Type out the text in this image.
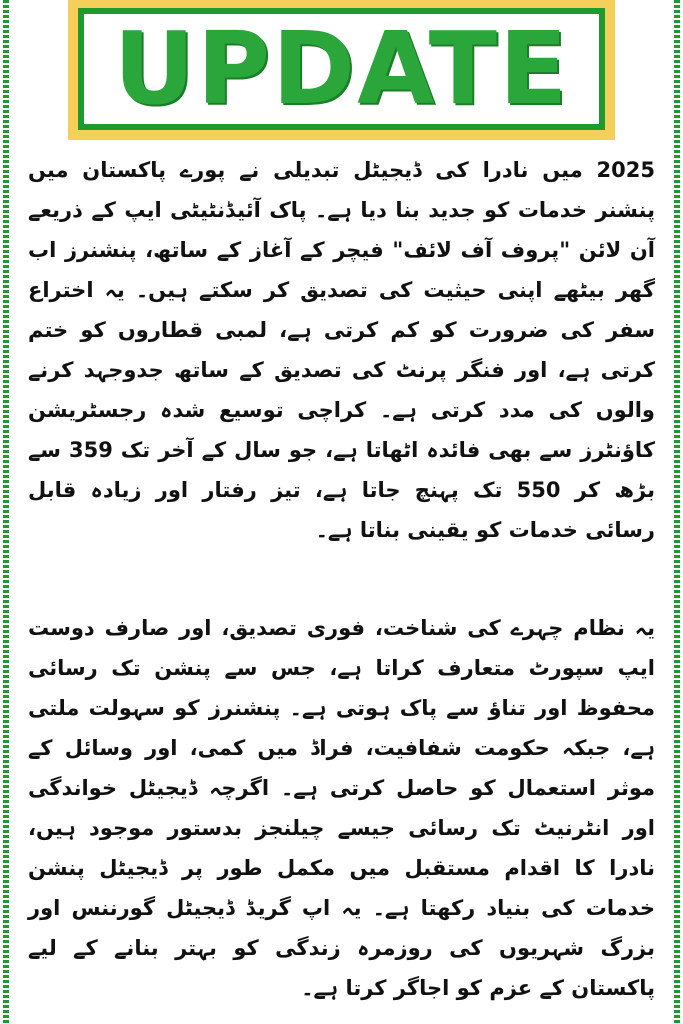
UPDATE

2025 میں نادرا کی ڈیجیٹل تبدیلی نے پورے پاکستان میں پنشنر خدمات کو جدید بنا دیا ہے۔ پاک آئیڈنٹیٹی ایپ کے ذریعے آن لائن "پروف آف لائف" فیچر کے آغاز کے ساتھ، پنشنرز اب گھر بیٹھے اپنی حیثیت کی تصدیق کر سکتے ہیں۔ یہ اختراع سفر کی ضرورت کو کم کرتی ہے، لمبی قطاروں کو ختم کرتی ہے، اور فنگر پرنٹ کی تصدیق کے ساتھ جدوجہد کرنے والوں کی مدد کرتی ہے۔ کراچی توسیع شدہ رجسٹریشن کاؤنٹرز سے بھی فائدہ اٹھاتا ہے، جو سال کے آخر تک 359 سے بڑھ کر 550 تک پہنچ جاتا ہے، تیز رفتار اور زیادہ قابل رسائی خدمات کو یقینی بناتا ہے۔

یہ نظام چہرے کی شناخت، فوری تصدیق، اور صارف دوست ایپ سپورٹ متعارف کراتا ہے، جس سے پنشن تک رسائی محفوظ اور تناؤ سے پاک ہوتی ہے۔ پنشنرز کو سہولت ملتی ہے، جبکہ حکومت شفافیت، فراڈ میں کمی، اور وسائل کے موثر استعمال کو حاصل کرتی ہے۔ اگرچہ ڈیجیٹل خواندگی اور انٹرنیٹ تک رسائی جیسے چیلنجز بدستور موجود ہیں، نادرا کا اقدام مستقبل میں مکمل طور پر ڈیجیٹل پنشن خدمات کی بنیاد رکھتا ہے۔ یہ اپ گریڈ ڈیجیٹل گورننس اور بزرگ شہریوں کی روزمرہ زندگی کو بہتر بنانے کے لیے پاکستان کے عزم کو اجاگر کرتا ہے۔
